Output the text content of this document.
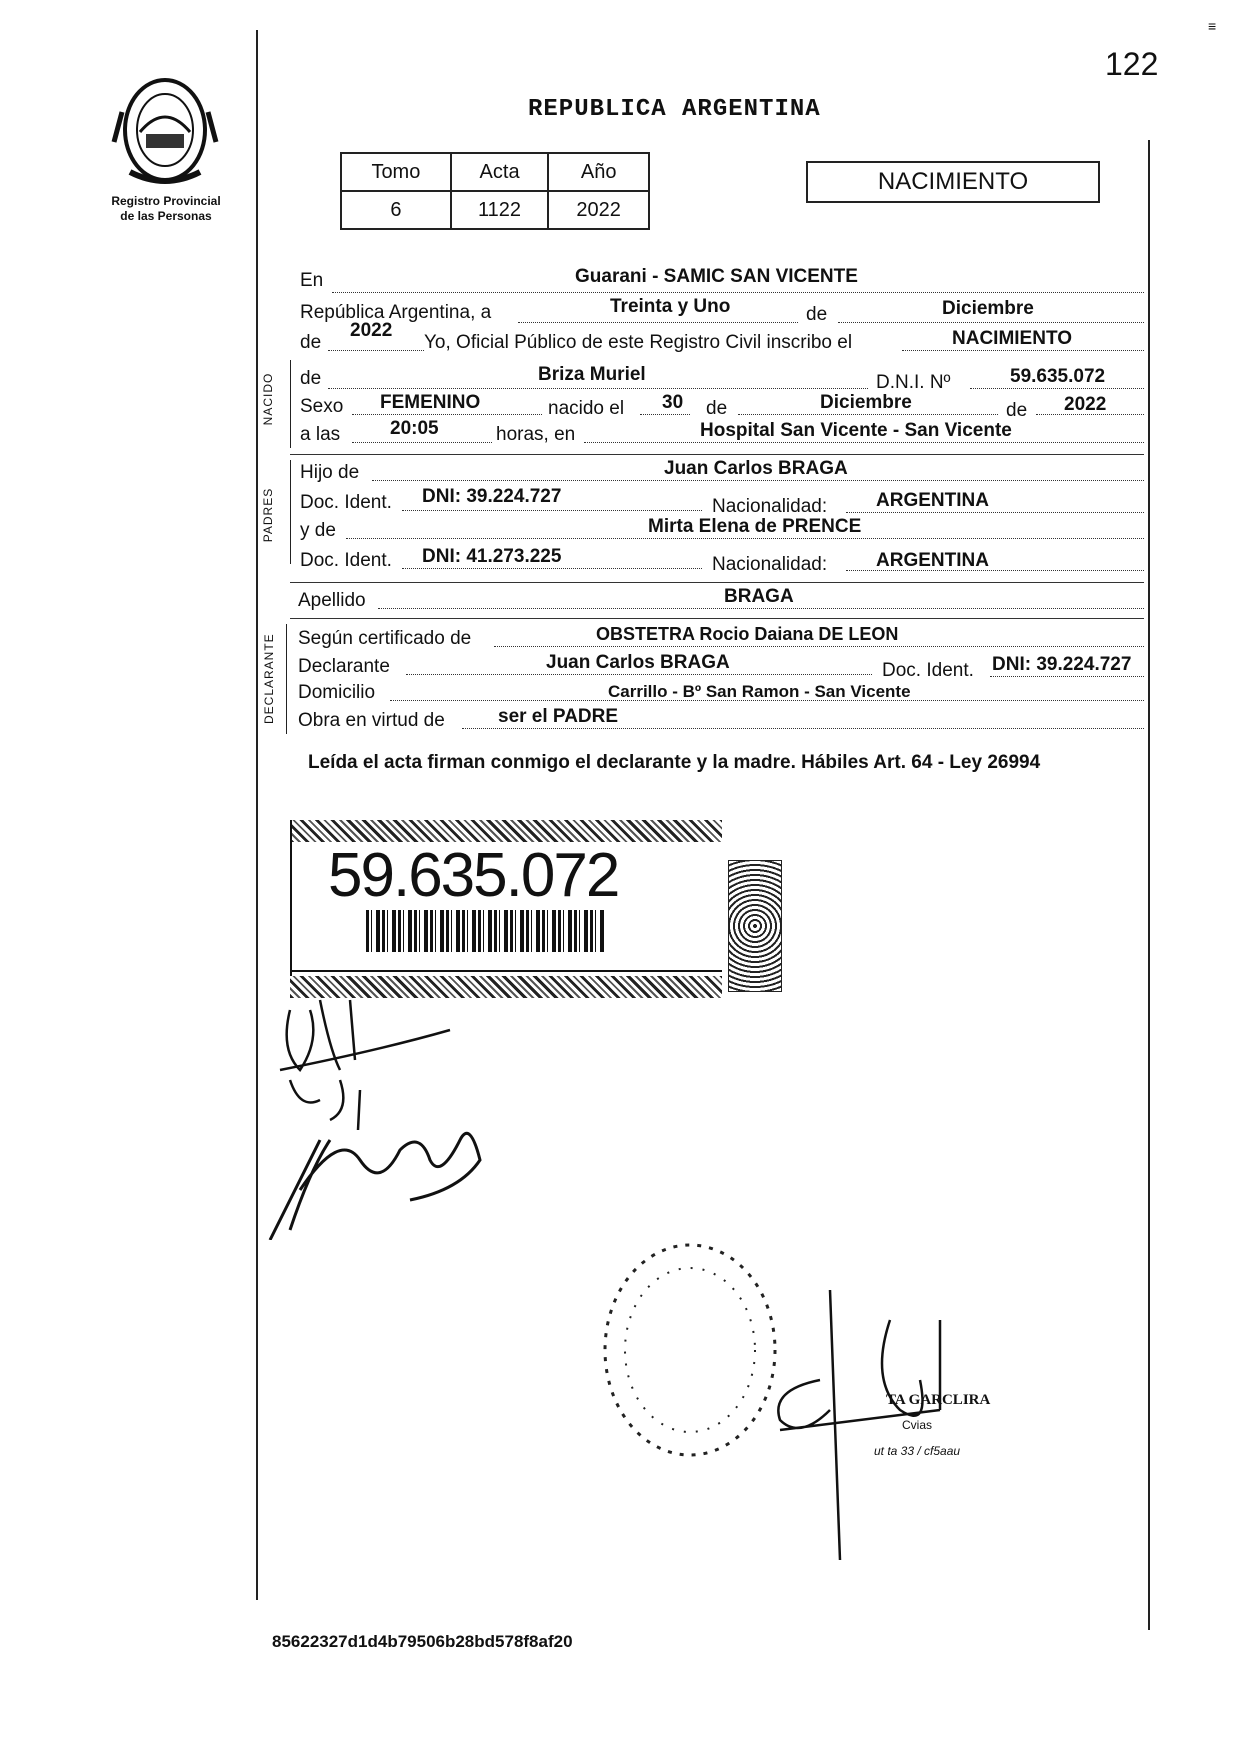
≡
122
Registro Provincial
de las Personas
REPUBLICA ARGENTINA
Tomo	Acta	Año
6	1122	2022
NACIMIENTO
En	Guarani - SAMIC SAN VICENTE
República Argentina, a	Treinta y Uno	de	Diciembre
de
2022
Yo, Oficial Público de este Registro Civil inscribo el	NACIMIENTO
NACIDO de	Briza Muriel	D.N.I. Nº	59.635.072
Sexo FEMENINO	nacido el 30 de	Diciembre	de 2022
a las	20:05	horas, en	Hospital San Vicente - San Vicente
PADRES
Hijo de	Juan Carlos BRAGA
Doc. Ident. DNI: 39.224.727	Nacionalidad:	ARGENTINA
y de	Mirta Elena de PRENCE
Doc. Ident. DNI: 41.273.225	Nacionalidad:	ARGENTINA
Apellido	BRAGA
DECLARANTE Según certificado de	OBSTETRA Rocio Daiana DE LEON
Declarante	Juan Carlos BRAGA	Doc. Ident. DNI: 39.224.727
Domicilio	Carrillo - Bº San Ramon - San Vicente
Obra en virtud de	ser el PADRE
Leída el acta firman conmigo el declarante y la madre. Hábiles Art. 64 - Ley 26994
59.635.072
TA GARCLIRA
Cvias
ut ta 33 / cf5aau
85622327d1d4b79506b28bd578f8af20
